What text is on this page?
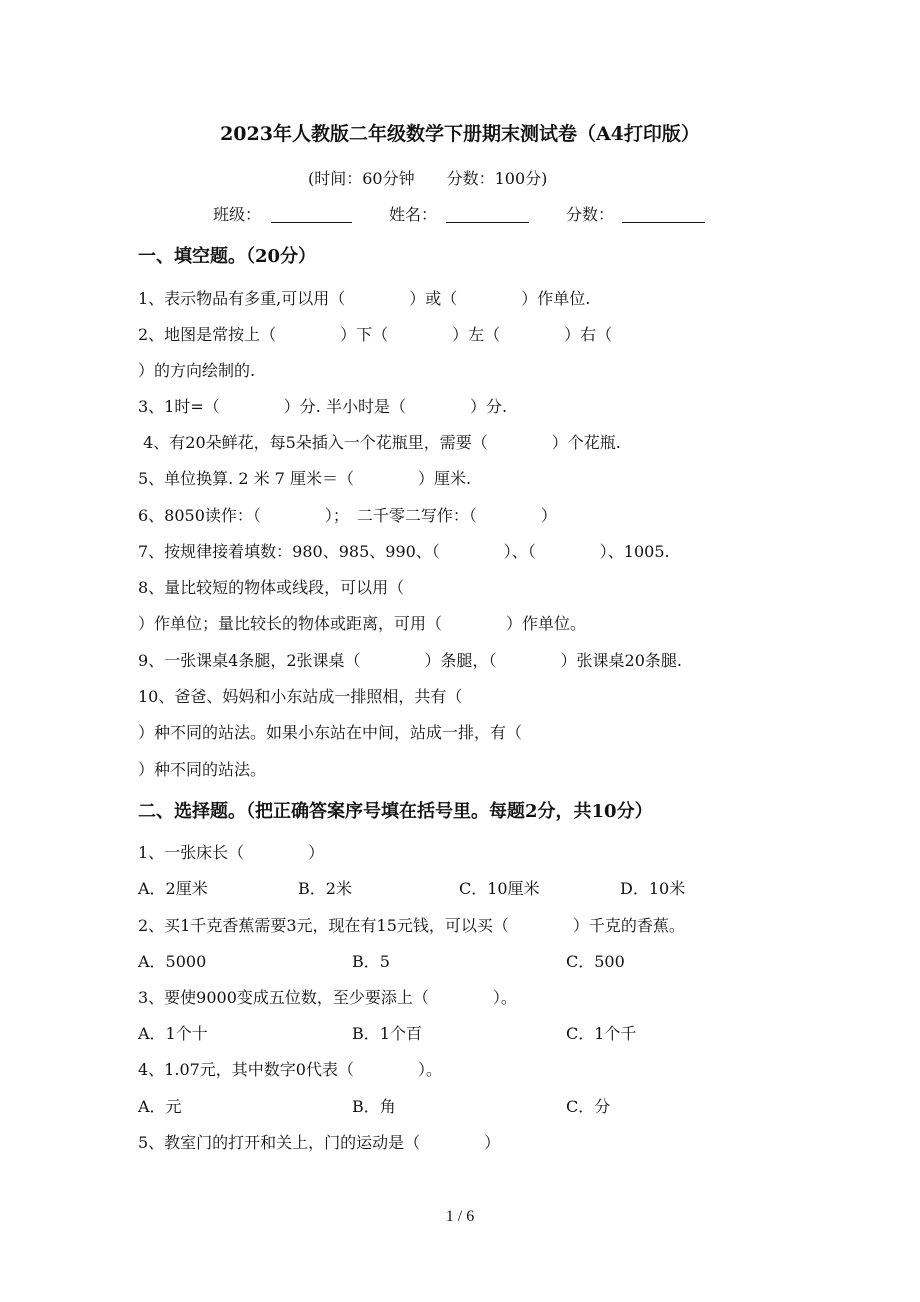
2023年人教版二年级数学下册期末测试卷（A4打印版）
(时间：60分钟　　分数：100分)
班级：	姓名：	分数：
一、填空题。（20分）
1、表示物品有多重,可以用（　　　　）或（　　　　）作单位.
2、地图是常按上（　　　　）下（　　　　）左（　　　　）右（
）的方向绘制的.
3、1时=（　　　　）分. 半小时是（　　　　）分.
4、有20朵鲜花，每5朵插入一个花瓶里，需要（　　　　）个花瓶.
5、单位换算. 2 米 7 厘米＝（　　　　）厘米.
6、8050读作：（　　　　）；　二千零二写作：（　　　　）
7、按规律接着填数：980、985、990、（　　　　）、（　　　　）、1005.
8、量比较短的物体或线段，可以用（
）作单位；量比较长的物体或距离，可用（　　　　）作单位。
9、一张课桌4条腿，2张课桌（　　　　）条腿，（　　　　）张课桌20条腿.
10、爸爸、妈妈和小东站成一排照相，共有（
）种不同的站法。如果小东站在中间，站成一排，有（
）种不同的站法。
二、选择题。（把正确答案序号填在括号里。每题2分，共10分）
1、一张床长（　　　　）
A．2厘米	B．2米	C．10厘米	D．10米
2、买1千克香蕉需要3元，现在有15元钱，可以买（　　　　）千克的香蕉。
A．5000	B．5	C．500
3、要使9000变成五位数，至少要添上（　　　　）。
A．1个十	B．1个百	C．1个千
4、1.07元，其中数字0代表（　　　　）。
A．元	B．角	C．分
5、教室门的打开和关上，门的运动是（　　　　）
1 / 6
